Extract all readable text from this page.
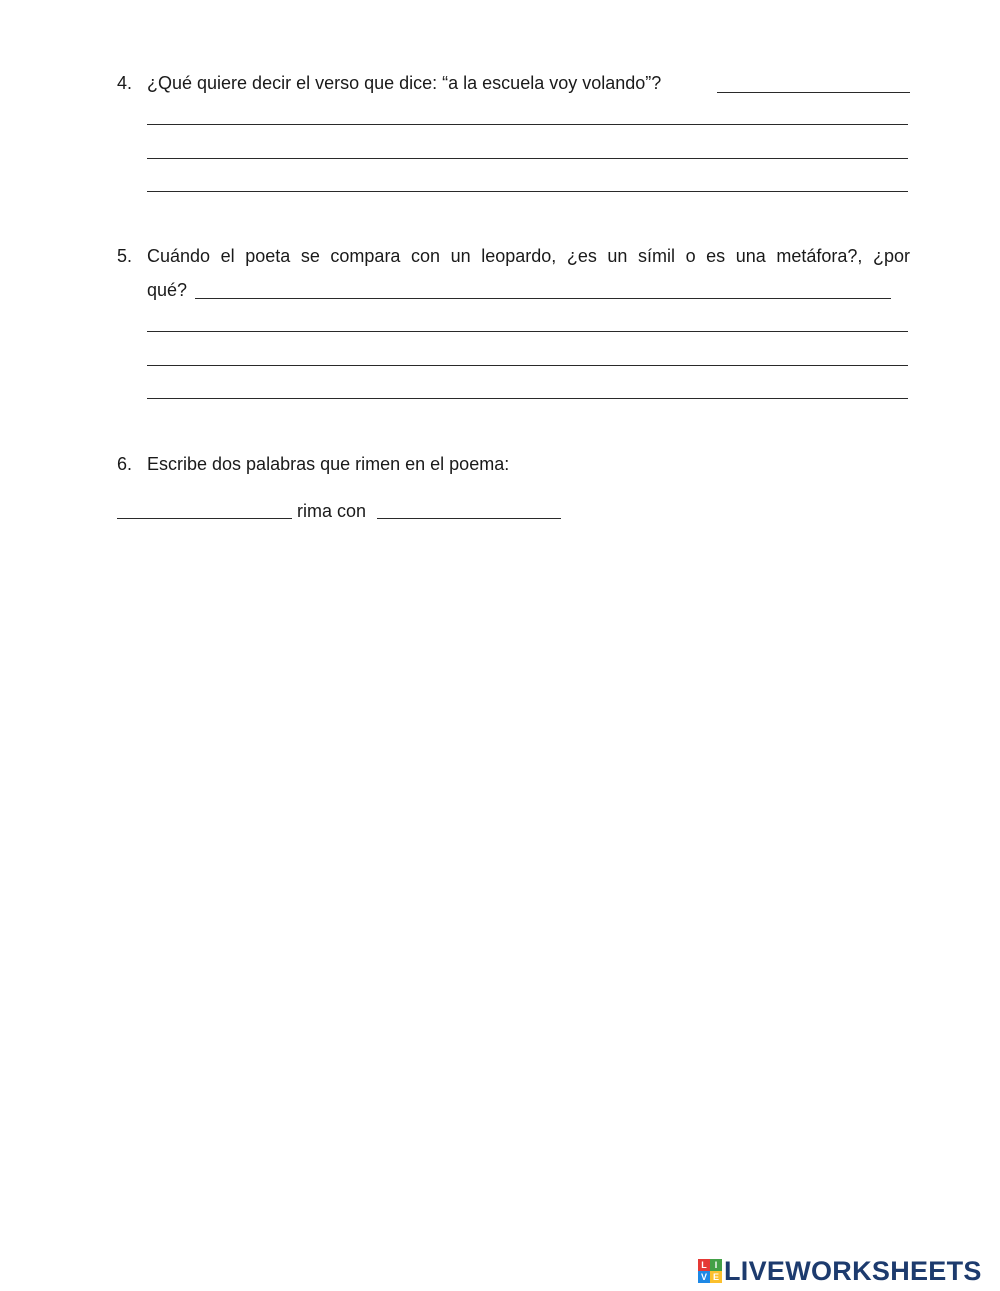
4. ¿Qué quiere decir el verso que dice: “a la escuela voy volando”?
5. Cuándo el poeta se compara con un leopardo, ¿es un símil o es una metáfora?, ¿por
qué?
6. Escribe dos palabras que rimen en el poema:
rima con
L I
V E LIVEWORKSHEETS
